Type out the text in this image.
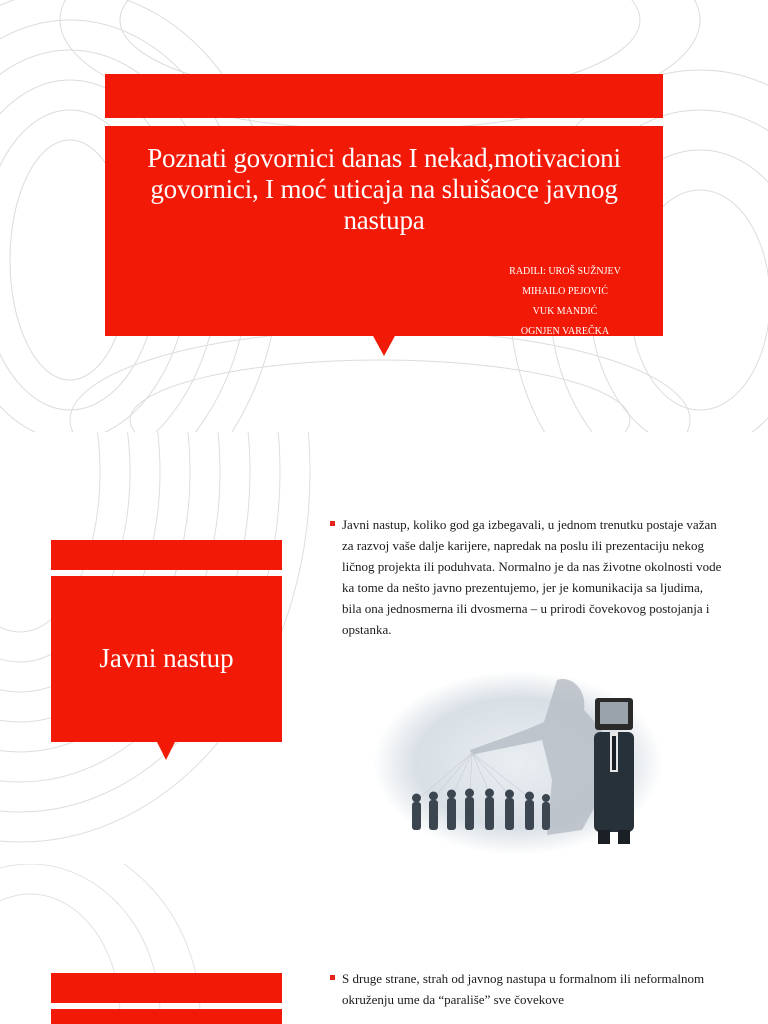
Poznati govornici danas I nekad,motivacioni govornici, I moć uticaja na sluišaoce javnog nastupa
RADILI: UROŠ SUŽNJEV
MIHAILO PEJOVIĆ
VUK MANDIĆ
OGNJEN VAREČKA
Javni nastup
Javni nastup, koliko god ga izbegavali, u jednom trenutku postaje važan za razvoj vaše dalje karijere, napredak na poslu ili prezentaciju nekog ličnog projekta ili poduhvata. Normalno je da nas životne okolnosti vode ka tome da nešto javno prezentujemo, jer je komunikacija sa ljudima, bila ona jednosmerna ili dvosmerna – u prirodi čovekovog postojanja i opstanka.
S druge strane, strah od javnog nastupa u formalnom ili neformalnom okruženju ume da “parališe” sve čovekove
